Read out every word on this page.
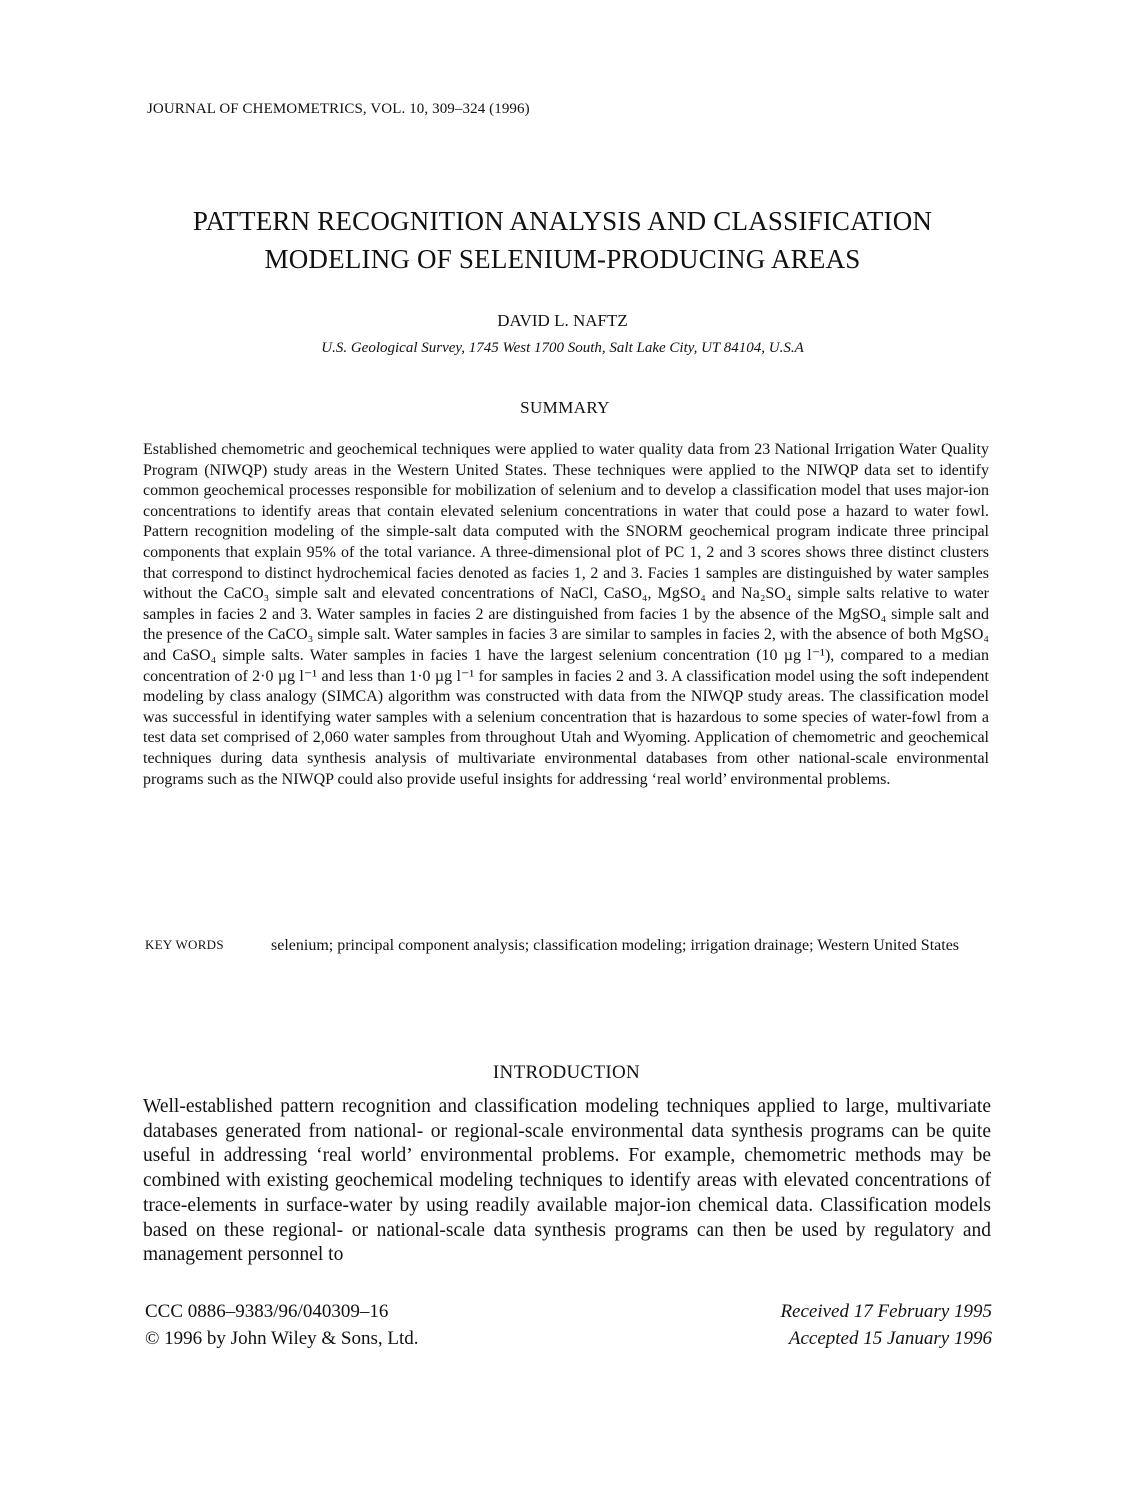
JOURNAL OF CHEMOMETRICS, VOL. 10, 309–324 (1996)
PATTERN RECOGNITION ANALYSIS AND CLASSIFICATION
MODELING OF SELENIUM-PRODUCING AREAS
DAVID L. NAFTZ
U.S. Geological Survey, 1745 West 1700 South, Salt Lake City, UT 84104, U.S.A
SUMMARY
Established chemometric and geochemical techniques were applied to water quality data from 23 National Irrigation Water Quality Program (NIWQP) study areas in the Western United States. These techniques were applied to the NIWQP data set to identify common geochemical processes responsible for mobilization of selenium and to develop a classification model that uses major-ion concentrations to identify areas that contain elevated selenium concentrations in water that could pose a hazard to water fowl. Pattern recognition modeling of the simple-salt data computed with the SNORM geochemical program indicate three principal components that explain 95% of the total variance. A three-dimensional plot of PC 1, 2 and 3 scores shows three distinct clusters that correspond to distinct hydrochemical facies denoted as facies 1, 2 and 3. Facies 1 samples are distinguished by water samples without the CaCO₃ simple salt and elevated concentrations of NaCl, CaSO₄, MgSO₄ and Na₂SO₄ simple salts relative to water samples in facies 2 and 3. Water samples in facies 2 are distinguished from facies 1 by the absence of the MgSO₄ simple salt and the presence of the CaCO₃ simple salt. Water samples in facies 3 are similar to samples in facies 2, with the absence of both MgSO₄ and CaSO₄ simple salts. Water samples in facies 1 have the largest selenium concentration (10 µg l⁻¹), compared to a median concentration of 2·0 µg l⁻¹ and less than 1·0 µg l⁻¹ for samples in facies 2 and 3. A classification model using the soft independent modeling by class analogy (SIMCA) algorithm was constructed with data from the NIWQP study areas. The classification model was successful in identifying water samples with a selenium concentration that is hazardous to some species of water-fowl from a test data set comprised of 2,060 water samples from throughout Utah and Wyoming. Application of chemometric and geochemical techniques during data synthesis analysis of multivariate environmental databases from other national-scale environmental programs such as the NIWQP could also provide useful insights for addressing ‘real world’ environmental problems.
KEY WORDS	selenium; principal component analysis; classification modeling; irrigation drainage; Western United States
INTRODUCTION
Well-established pattern recognition and classification modeling techniques applied to large, multivariate databases generated from national- or regional-scale environmental data synthesis programs can be quite useful in addressing ‘real world’ environmental problems. For example, chemometric methods may be combined with existing geochemical modeling techniques to identify areas with elevated concentrations of trace-elements in surface-water by using readily available major-ion chemical data. Classification models based on these regional- or national-scale data synthesis programs can then be used by regulatory and management personnel to
CCC 0886–9383/96/040309–16
© 1996 by John Wiley & Sons, Ltd.
Received 17 February 1995
Accepted 15 January 1996
